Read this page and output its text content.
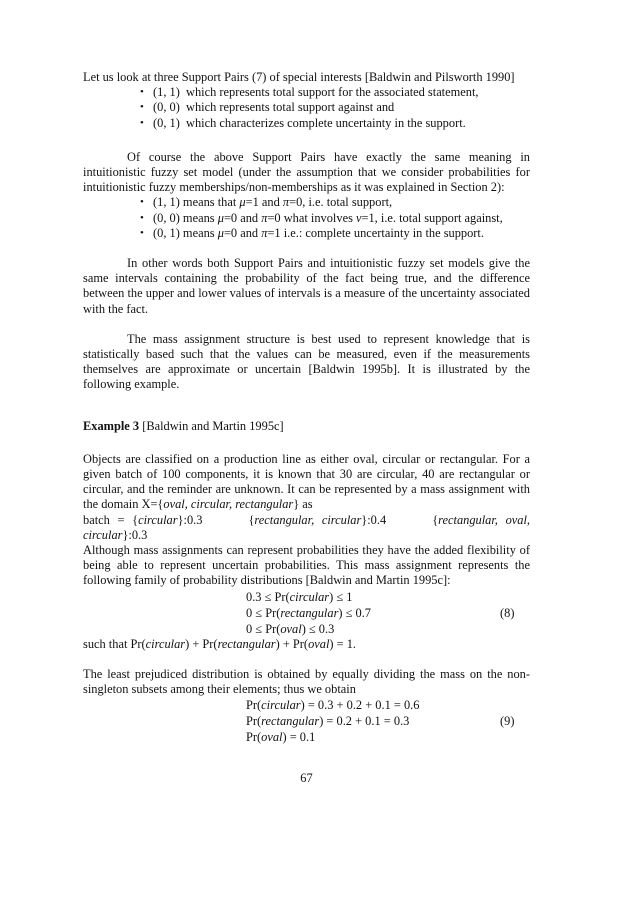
Let us look at three Support Pairs (7) of special interests [Baldwin and Pilsworth 1990]

• (1, 1)  which represents total support for the associated statement,
• (0, 0)  which represents total support against and
• (0, 1)  which characterizes complete uncertainty in the support.

Of course the above Support Pairs have exactly the same meaning in intuitionistic fuzzy set model (under the assumption that we consider probabilities for intuitionistic fuzzy memberships/non-memberships as it was explained in Section 2):

• (1, 1) means that μ=1 and π=0, i.e. total support,
• (0, 0) means μ=0 and π=0 what involves ν=1, i.e. total support against,
• (0, 1) means μ=0 and π=1 i.e.: complete uncertainty in the support.

In other words both Support Pairs and intuitionistic fuzzy set models give the same intervals containing the probability of the fact being true, and the difference between the upper and lower values of intervals is a measure of the uncertainty associated with the fact.

The mass assignment structure is best used to represent knowledge that is statistically based such that the values can be measured, even if the measurements themselves are approximate or uncertain [Baldwin 1995b]. It is illustrated by the following example.

Example 3 [Baldwin and Martin 1995c]

Objects are classified on a production line as either oval, circular or rectangular. For a given batch of 100 components, it is known that 30 are circular, 40 are rectangular or circular, and the reminder are unknown. It can be represented by a mass assignment with the domain X={oval, circular, rectangular} as

batch = {circular}:0.3	{rectangular, circular}:0.4	{rectangular, oval, circular}:0.3

Although mass assignments can represent probabilities they have the added flexibility of being able to represent uncertain probabilities. This mass assignment represents the following family of probability distributions [Baldwin and Martin 1995c]:

0.3 ≤ Pr(circular) ≤ 1
0 ≤ Pr(rectangular) ≤ 0.7	(8)
0 ≤ Pr(oval) ≤ 0.3

such that Pr(circular) + Pr(rectangular) + Pr(oval) = 1.

The least prejudiced distribution is obtained by equally dividing the mass on the non-singleton subsets among their elements; thus we obtain

Pr(circular) = 0.3 + 0.2 + 0.1 = 0.6
Pr(rectangular) = 0.2 + 0.1 = 0.3	(9)
Pr(oval) = 0.1
67
